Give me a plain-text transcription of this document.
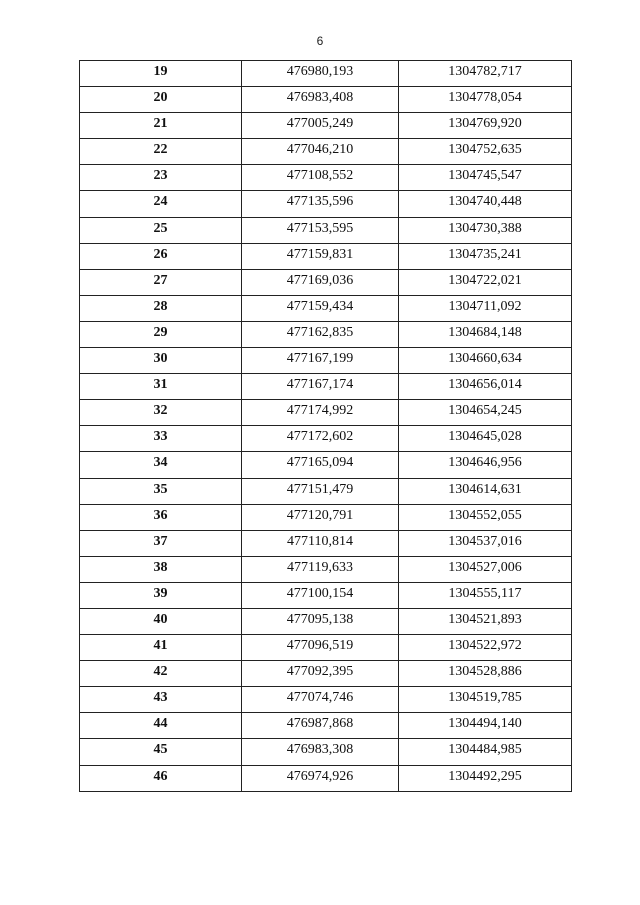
6
19	476980,193	1304782,717
20	476983,408	1304778,054
21	477005,249	1304769,920
22	477046,210	1304752,635
23	477108,552	1304745,547
24	477135,596	1304740,448
25	477153,595	1304730,388
26	477159,831	1304735,241
27	477169,036	1304722,021
28	477159,434	1304711,092
29	477162,835	1304684,148
30	477167,199	1304660,634
31	477167,174	1304656,014
32	477174,992	1304654,245
33	477172,602	1304645,028
34	477165,094	1304646,956
35	477151,479	1304614,631
36	477120,791	1304552,055
37	477110,814	1304537,016
38	477119,633	1304527,006
39	477100,154	1304555,117
40	477095,138	1304521,893
41	477096,519	1304522,972
42	477092,395	1304528,886
43	477074,746	1304519,785
44	476987,868	1304494,140
45	476983,308	1304484,985
46	476974,926	1304492,295
